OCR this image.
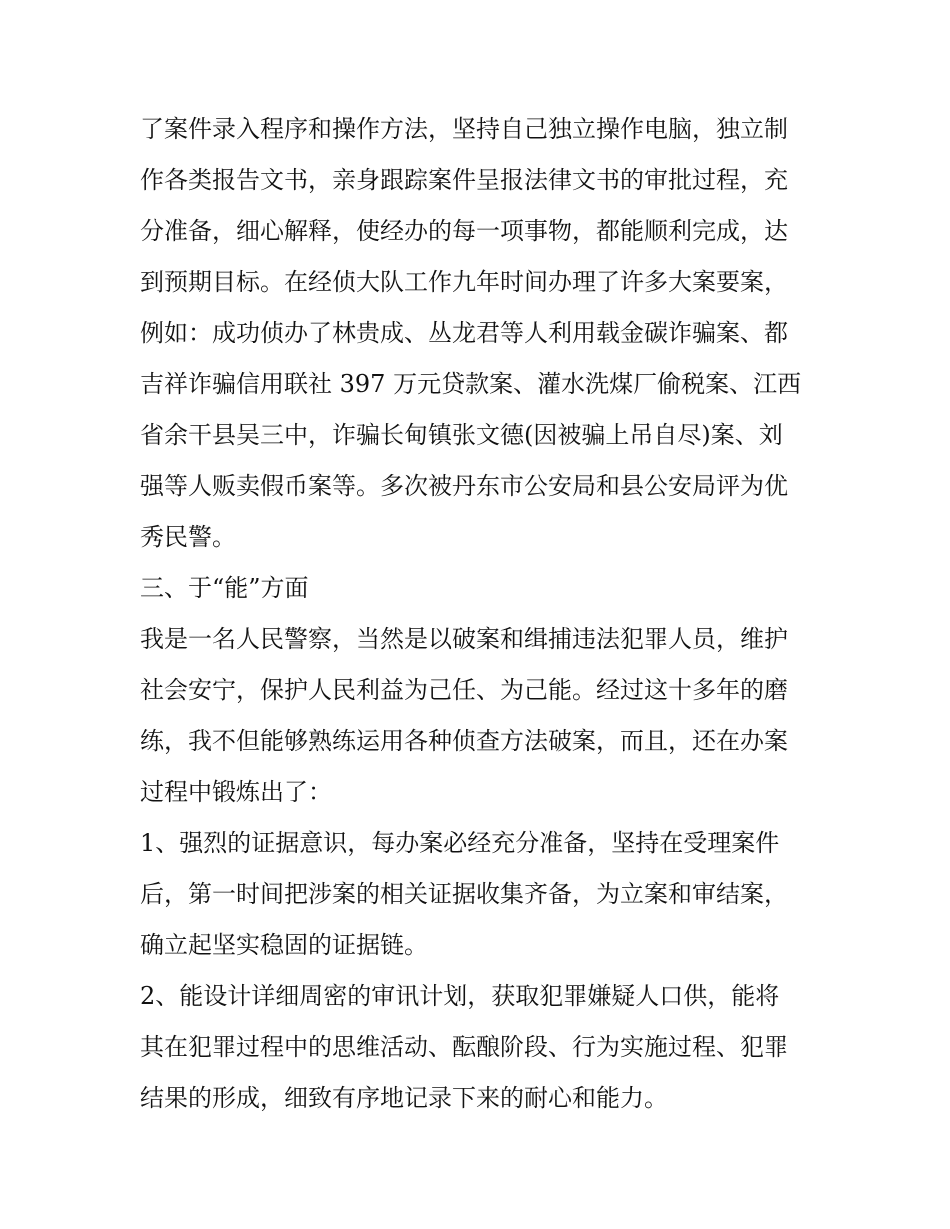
了案件录入程序和操作方法，坚持自己独立操作电脑，独立制
作各类报告文书，亲身跟踪案件呈报法律文书的审批过程，充
分准备，细心解释，使经办的每一项事物，都能顺利完成，达
到预期目标。在经侦大队工作九年时间办理了许多大案要案，
例如：成功侦办了林贵成、丛龙君等人利用载金碳诈骗案、都
吉祥诈骗信用联社 397 万元贷款案、灌水洗煤厂偷税案、江西
省余干县吴三中，诈骗长甸镇张文德(因被骗上吊自尽)案、刘
强等人贩卖假币案等。多次被丹东市公安局和县公安局评为优
秀民警。
三、于“能”方面
我是一名人民警察，当然是以破案和缉捕违法犯罪人员，维护
社会安宁，保护人民利益为己任、为己能。经过这十多年的磨
练，我不但能够熟练运用各种侦查方法破案，而且，还在办案
过程中锻炼出了：
1、强烈的证据意识，每办案必经充分准备，坚持在受理案件
后，第一时间把涉案的相关证据收集齐备，为立案和审结案，
确立起坚实稳固的证据链。
2、能设计详细周密的审讯计划，获取犯罪嫌疑人口供，能将
其在犯罪过程中的思维活动、酝酿阶段、行为实施过程、犯罪
结果的形成，细致有序地记录下来的耐心和能力。
